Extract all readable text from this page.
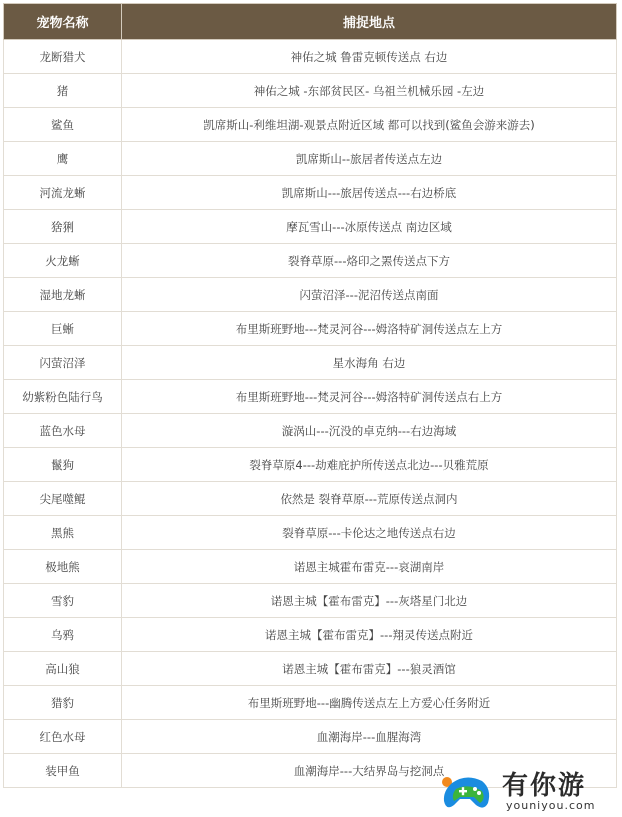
宠物名称	捕捉地点
龙断猎犬	神佑之城 鲁雷克顿传送点 右边
猪	神佑之城 -东部贫民区- 乌祖兰机械乐园 -左边
鲨鱼	凯席斯山-利维坦湖-观景点附近区域 都可以找到(鲨鱼会游来游去)
鹰	凯席斯山--旅居者传送点左边
河流龙蜥	凯席斯山---旅居传送点---右边桥底
猞猁	摩瓦雪山---冰原传送点 南边区域
火龙蜥	裂脊草原---烙印之罴传送点下方
湿地龙蜥	闪萤沼泽---泥沼传送点南面
巨蜥	布里斯班野地---梵灵河谷---姆洛特矿洞传送点左上方
闪萤沼泽	星水海角 右边
幼紫粉色陆行鸟	布里斯班野地---梵灵河谷---姆洛特矿洞传送点右上方
蓝色水母	漩涡山---沉没的卓克纳---右边海域
鬣狗	裂脊草原4---劫难庇护所传送点北边---贝雅荒原
尖尾噬鲲	依然是 裂脊草原---荒原传送点洞内
黑熊	裂脊草原---卡伦达之地传送点右边
极地熊	诺恩主城霍布雷克---哀湖南岸
雪豹	诺恩主城【霍布雷克】---灰塔星门北边
乌鸦	诺恩主城【霍布雷克】---翔灵传送点附近
高山狼	诺恩主城【霍布雷克】---狼灵酒馆
猎豹	布里斯班野地---幽腾传送点左上方爱心任务附近
红色水母	血潮海岸---血腥海湾
装甲鱼	血潮海岸---大结界岛与挖洞点
有你游
youniyou.com
